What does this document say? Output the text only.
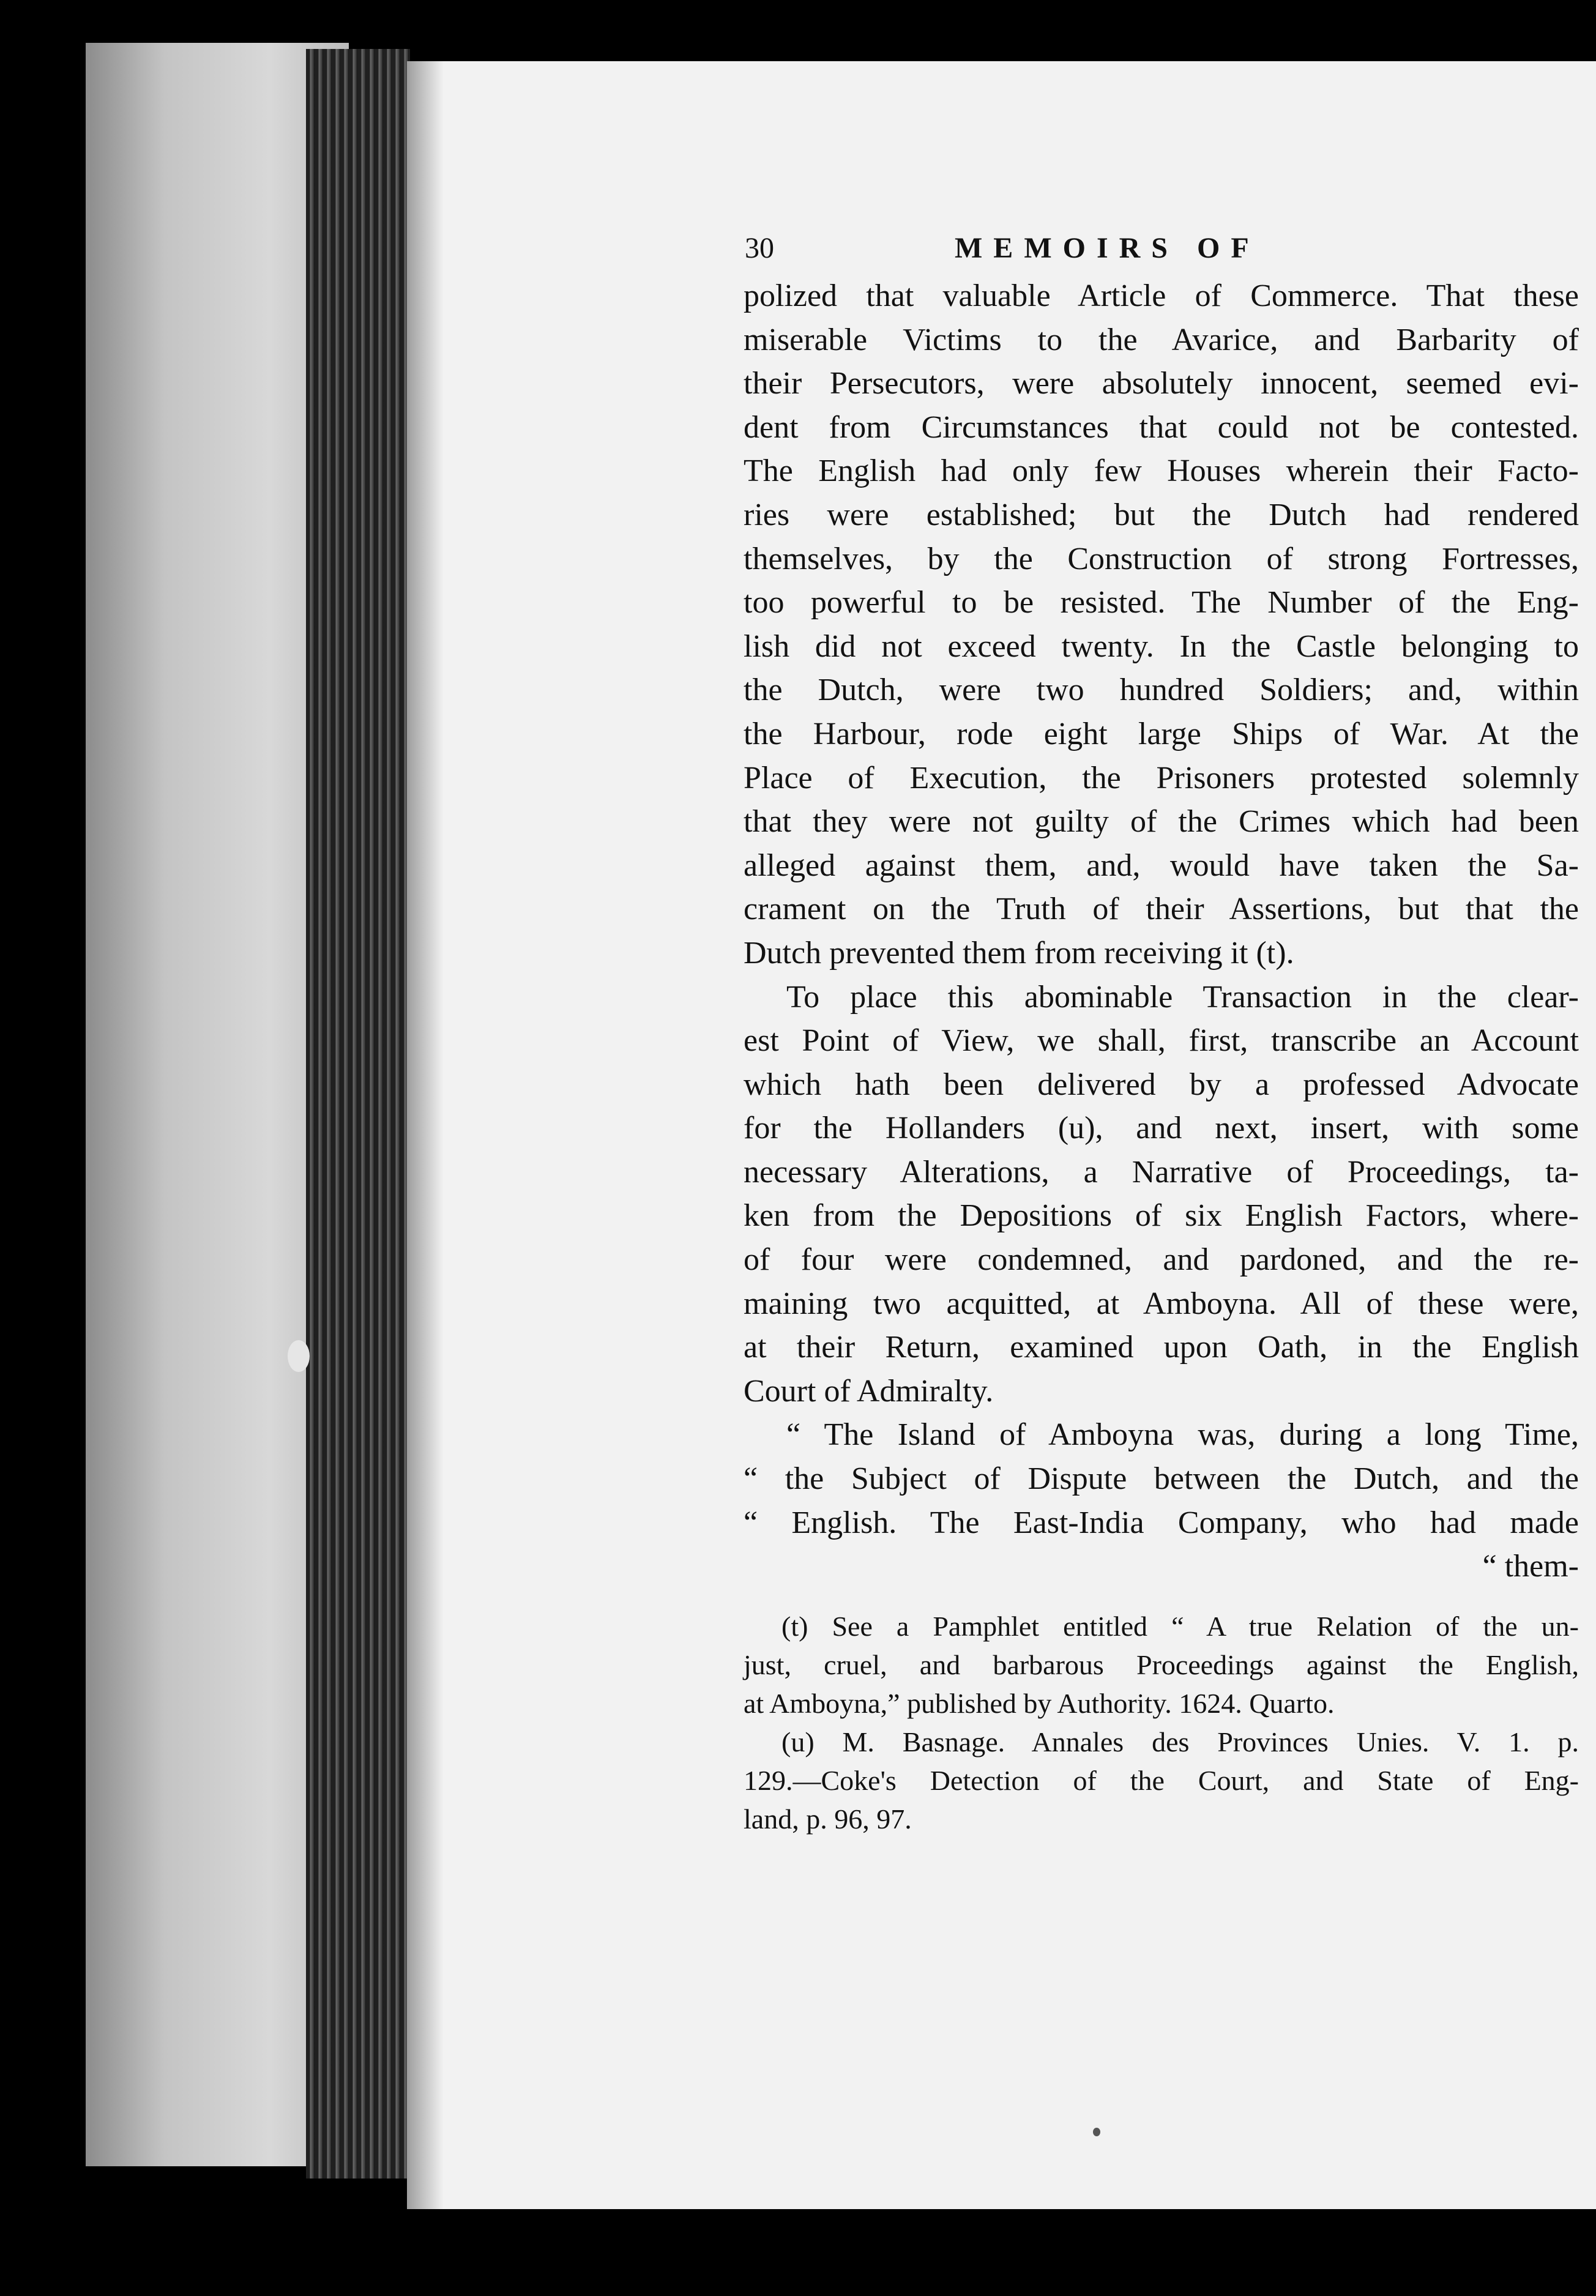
30	MEMOIRS OF
polized that valuable Article of Commerce. That these
miserable Victims to the Avarice, and Barbarity of
their Persecutors, were absolutely innocent, seemed evi-
dent from Circumstances that could not be contested.
The English had only few Houses wherein their Facto-
ries were established; but the Dutch had rendered
themselves, by the Construction of strong Fortresses,
too powerful to be resisted. The Number of the Eng-
lish did not exceed twenty. In the Castle belonging to
the Dutch, were two hundred Soldiers; and, within
the Harbour, rode eight large Ships of War. At the
Place of Execution, the Prisoners protested solemnly
that they were not guilty of the Crimes which had been
alleged against them, and, would have taken the Sa-
crament on the Truth of their Assertions, but that the
Dutch prevented them from receiving it (t).
To place this abominable Transaction in the clear-
est Point of View, we shall, first, transcribe an Account
which hath been delivered by a professed Advocate
for the Hollanders (u), and next, insert, with some
necessary Alterations, a Narrative of Proceedings, ta-
ken from the Depositions of six English Factors, where-
of four were condemned, and pardoned, and the re-
maining two acquitted, at Amboyna. All of these were,
at their Return, examined upon Oath, in the English
Court of Admiralty.
“ The Island of Amboyna was, during a long Time,
“ the Subject of Dispute between the Dutch, and the
“ English. The East-India Company, who had made
“ them-
(t) See a Pamphlet entitled “ A true Relation of the un-
just, cruel, and barbarous Proceedings against the English,
at Amboyna,” published by Authority. 1624. Quarto.
(u) M. Basnage. Annales des Provinces Unies. V. 1. p.
129.—Coke's Detection of the Court, and State of Eng-
land, p. 96, 97.
